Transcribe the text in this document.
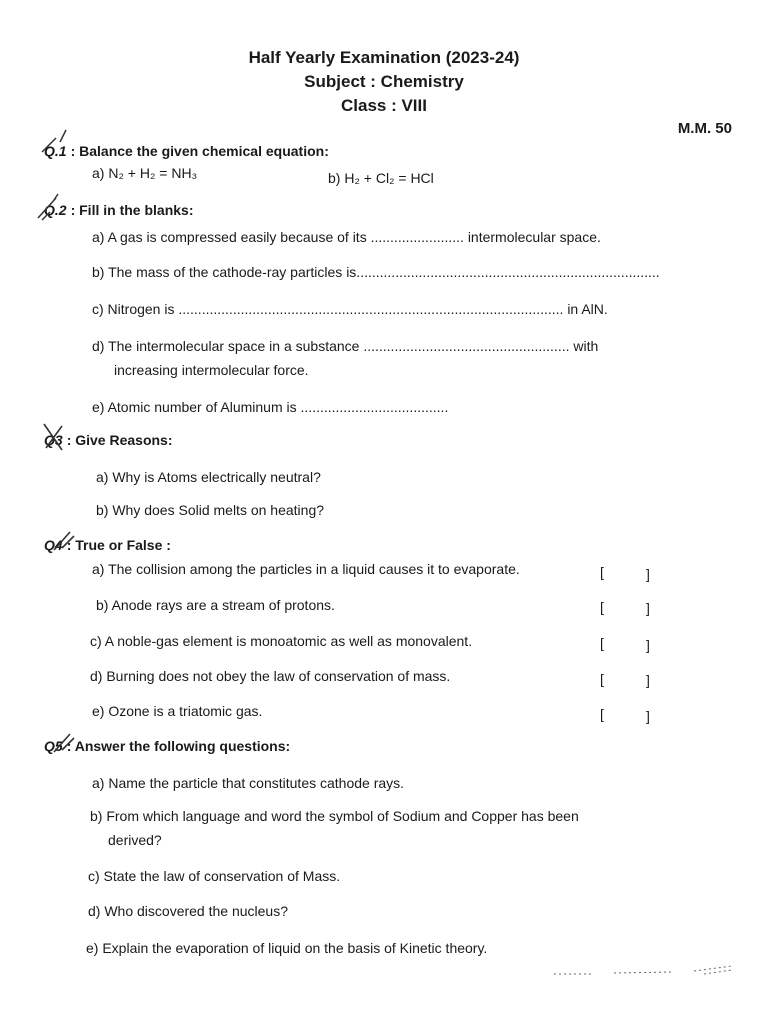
Half Yearly Examination (2023-24)
Subject : Chemistry
Class : VIII
M.M. 50
Q.1 : Balance the given chemical equation:
a) N₂ + H₂ = NH₃	b) H₂ + Cl₂ = HCl
Q.2 : Fill in the blanks:
a) A gas is compressed easily because of its ........................ intermolecular space.
b) The mass of the cathode-ray particles is..............................................................................
c) Nitrogen is ................................................................................................... in AlN.
d) The intermolecular space in a substance ..................................................... with
increasing intermolecular force.
e) Atomic number of Aluminum is ......................................
Q3 : Give Reasons:
a) Why is Atoms electrically neutral?
b) Why does Solid melts on heating?
Q4 : True or False :
a) The collision among the particles in a liquid causes it to evaporate.	[	]
b) Anode rays are a stream of protons.	[	]
c) A noble-gas element is monoatomic as well as monovalent.	[	]
d) Burning does not obey the law of conservation of mass.	[	]
e) Ozone is a triatomic gas.	[	]
Q5 : Answer the following questions:
a) Name the particle that constitutes cathode rays.
b) From which language and word the symbol of Sodium and Copper has been
derived?
c) State the law of conservation of Mass.
d) Who discovered the nucleus?
e) Explain the evaporation of liquid on the basis of Kinetic theory.
